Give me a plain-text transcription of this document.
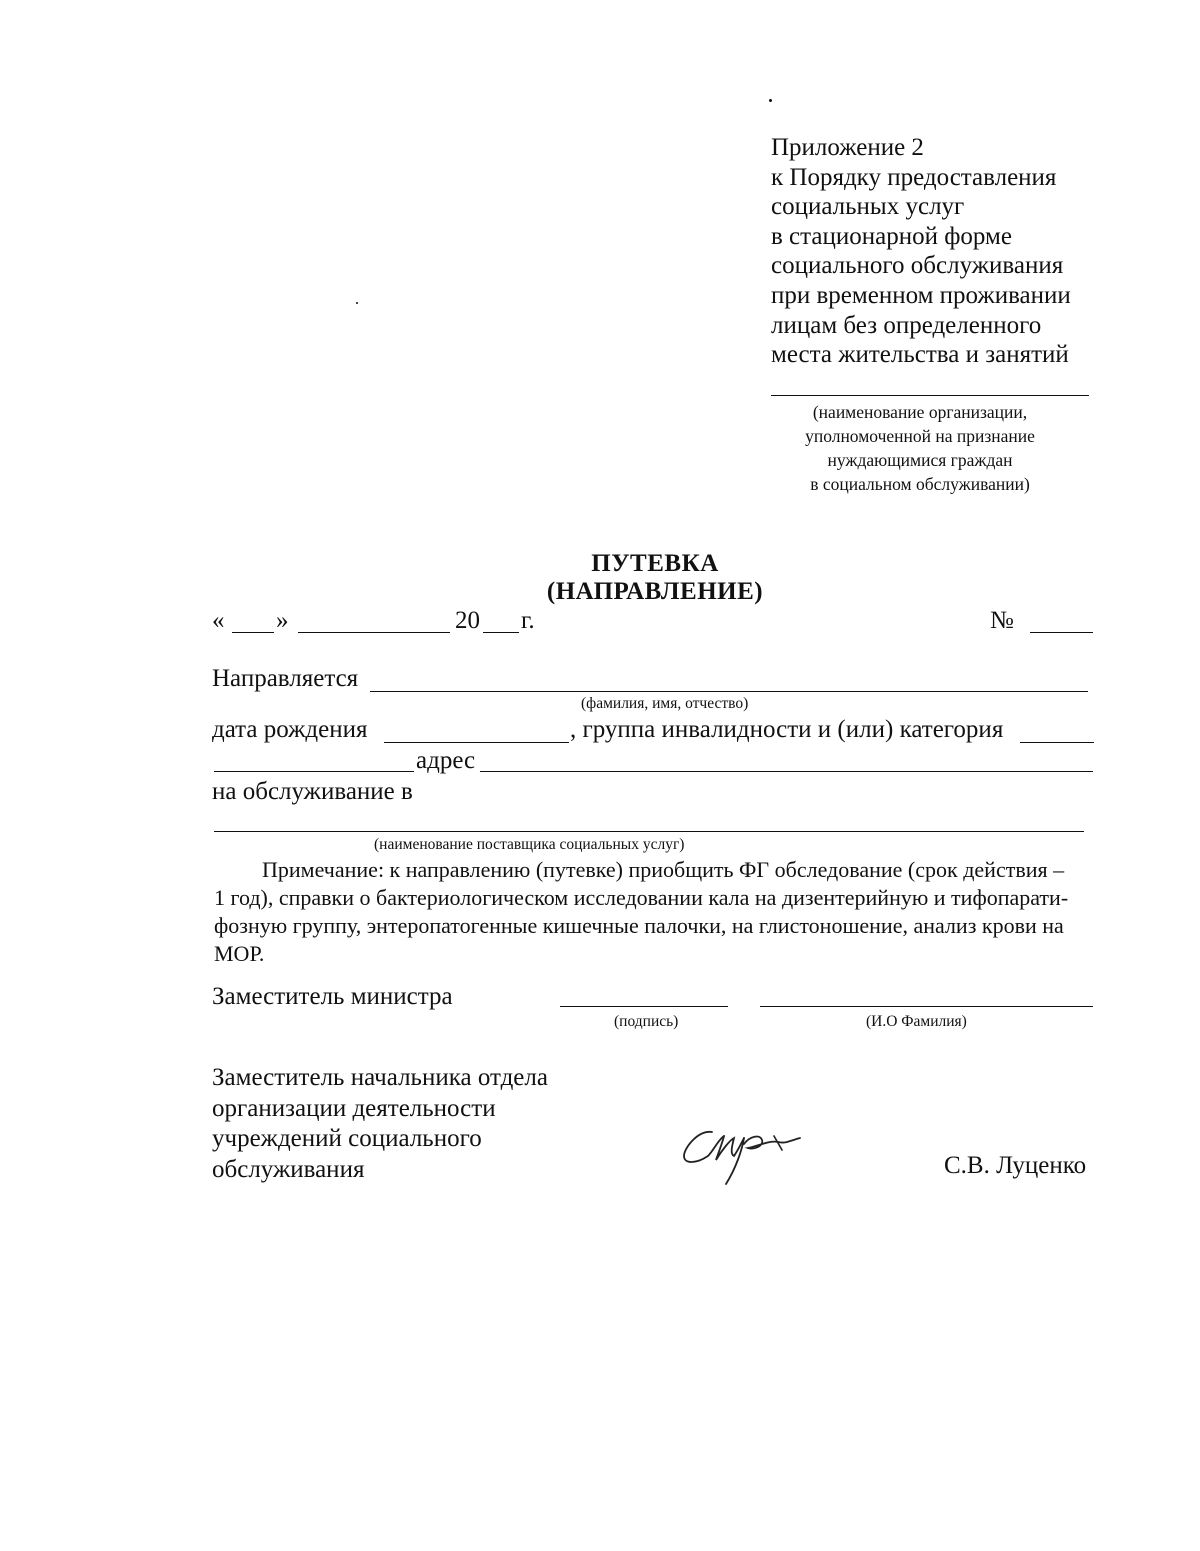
Приложение 2
к Порядку предоставления
социальных услуг
в стационарной форме
социального обслуживания
при временном проживании
лицам без определенного
места жительства и занятий
(наименование организации,
уполномоченной на признание
нуждающимися граждан
в социальном обслуживании)
ПУТЕВКА
(НАПРАВЛЕНИЕ)
« »	20 г.	№
Направляется
(фамилия, имя, отчество)
дата рождения	, группа инвалидности и (или) категория
адрес
на обслуживание в
(наименование поставщика социальных услуг)

Примечание: к направлению (путевке) приобщить ФГ обследование (срок действия –

1 год), справки о бактериологическом исследовании кала на дизентерийную и тифопарати-

фозную группу, энтеропатогенные кишечные палочки, на глистоношение, анализ крови на

МОР.

Заместитель министра
(подпись)	(И.О Фамилия)
Заместитель начальника отдела
организации деятельности
учреждений социального
обслуживания	С.В. Луценко
